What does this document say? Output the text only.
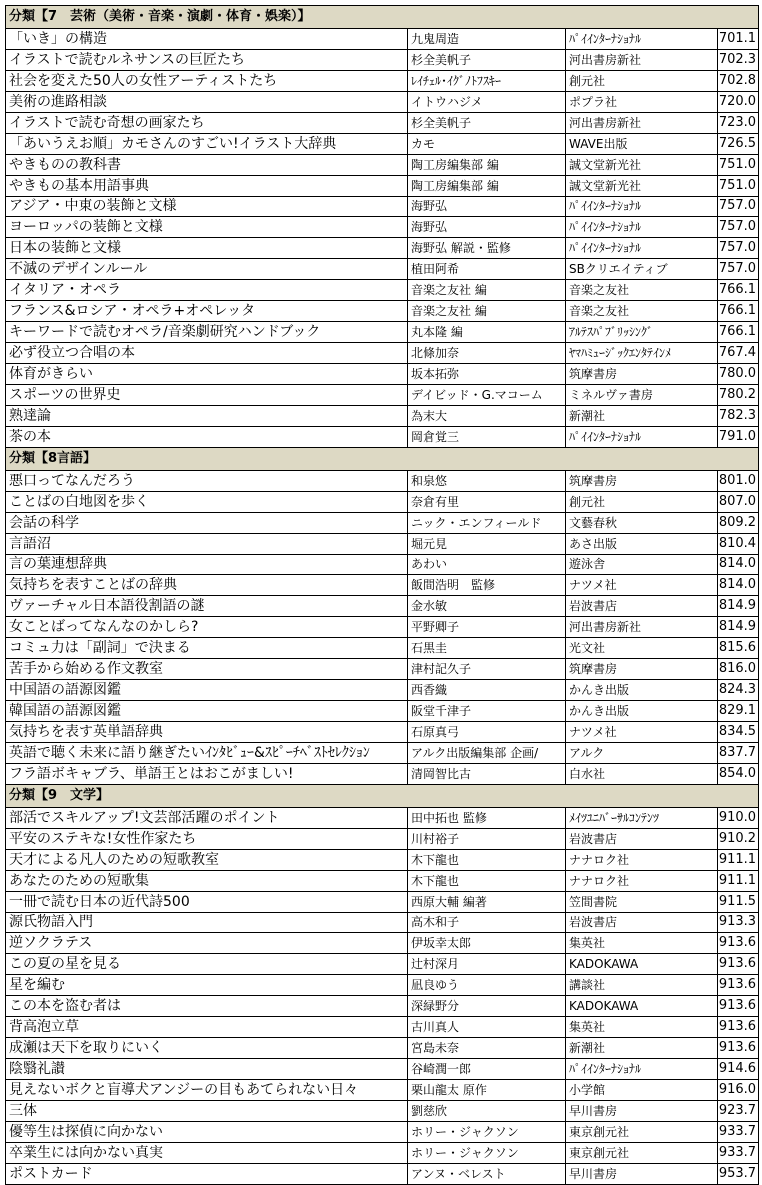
分類【7　芸術（美術・音楽・演劇・体育・娯楽）】			
「いき」の構造	九鬼周造	ﾊﾟｲｲﾝﾀｰﾅｼｮﾅﾙ	701.1
イラストで読むルネサンスの巨匠たち	杉全美帆子	河出書房新社	702.3
社会を変えた50人の女性アーティストたち	ﾚｲﾁｪﾙ･ｲｸﾞﾉﾄﾌｽｷｰ	創元社	702.8
美術の進路相談	イトウハジメ	ポプラ社	720.0
イラストで読む奇想の画家たち	杉全美帆子	河出書房新社	723.0
「あいうえお順」カモさんのすごい!イラスト大辞典	カモ	WAVE出版	726.5
やきものの教科書	陶工房編集部 編	誠文堂新光社	751.0
やきもの基本用語事典	陶工房編集部 編	誠文堂新光社	751.0
アジア・中東の装飾と文様	海野弘	ﾊﾟｲｲﾝﾀｰﾅｼｮﾅﾙ	757.0
ヨーロッパの装飾と文様	海野弘	ﾊﾟｲｲﾝﾀｰﾅｼｮﾅﾙ	757.0
日本の装飾と文様	海野弘 解説・監修	ﾊﾟｲｲﾝﾀｰﾅｼｮﾅﾙ	757.0
不滅のデザインルール	植田阿希	SBクリエイティブ	757.0
イタリア・オペラ	音楽之友社 編	音楽之友社	766.1
フランス&ロシア・オペラ+オペレッタ	音楽之友社 編	音楽之友社	766.1
キーワードで読むオペラ/音楽劇研究ハンドブック	丸本隆 編	ｱﾙﾃｽﾊﾟﾌﾞﾘｯｼﾝｸﾞ	766.1
必ず役立つ合唱の本	北條加奈	ﾔﾏﾊﾐｭｰｼﾞｯｸｴﾝﾀﾃｲﾝﾒ	767.4
体育がきらい	坂本拓弥	筑摩書房	780.0
スポーツの世界史	デイビッド・G.マコーム	ミネルヴァ書房	780.2
熟達論	為末大	新潮社	782.3
茶の本	岡倉覚三	ﾊﾟｲｲﾝﾀｰﾅｼｮﾅﾙ	791.0
分類【8言語】			
悪口ってなんだろう	和泉悠	筑摩書房	801.0
ことばの白地図を歩く	奈倉有里	創元社	807.0
会話の科学	ニック・エンフィールド	文藝春秋	809.2
言語沼	堀元見	あさ出版	810.4
言の葉連想辞典	あわい	遊泳舎	814.0
気持ちを表すことばの辞典	飯間浩明　監修	ナツメ社	814.0
ヴァーチャル日本語役割語の謎	金水敏	岩波書店	814.9
女ことばってなんなのかしら?	平野卿子	河出書房新社	814.9
コミュ力は「副詞」で決まる	石黒圭	光文社	815.6
苦手から始める作文教室	津村記久子	筑摩書房	816.0
中国語の語源図鑑	西香織	かんき出版	824.3
韓国語の語源図鑑	阪堂千津子	かんき出版	829.1
気持ちを表す英単語辞典	石原真弓	ナツメ社	834.5
英語で聴く未来に語り継ぎたいｲﾝﾀﾋﾞｭｰ&ｽﾋﾟｰﾁﾍﾞｽﾄｾﾚｸｼｮﾝ	アルク出版編集部 企画/	アルク	837.7
フラ語ボキャブラ、単語王とはおこがましい!	清岡智比古	白水社	854.0
分類【9　文学】			
部活でスキルアップ!文芸部活躍のポイント	田中拓也 監修	ﾒｲﾂﾕﾆﾊﾞｰｻﾙｺﾝﾃﾝﾂ	910.0
平安のステキな!女性作家たち	川村裕子	岩波書店	910.2
天才による凡人のための短歌教室	木下龍也	ナナロク社	911.1
あなたのための短歌集	木下龍也	ナナロク社	911.1
一冊で読む日本の近代詩500	西原大輔 編著	笠間書院	911.5
源氏物語入門	高木和子	岩波書店	913.3
逆ソクラテス	伊坂幸太郎	集英社	913.6
この夏の星を見る	辻村深月	KADOKAWA	913.6
星を編む	凪良ゆう	講談社	913.6
この本を盗む者は	深緑野分	KADOKAWA	913.6
背高泡立草	古川真人	集英社	913.6
成瀬は天下を取りにいく	宮島未奈	新潮社	913.6
陰翳礼讃	谷崎潤一郎	ﾊﾟｲｲﾝﾀｰﾅｼｮﾅﾙ	914.6
見えないボクと盲導犬アンジーの目もあてられない日々	栗山龍太 原作	小学館	916.0
三体	劉慈欣	早川書房	923.7
優等生は探偵に向かない	ホリー・ジャクソン	東京創元社	933.7
卒業生には向かない真実	ホリー・ジャクソン	東京創元社	933.7
ポストカード	アンヌ・ベレスト	早川書房	953.7
